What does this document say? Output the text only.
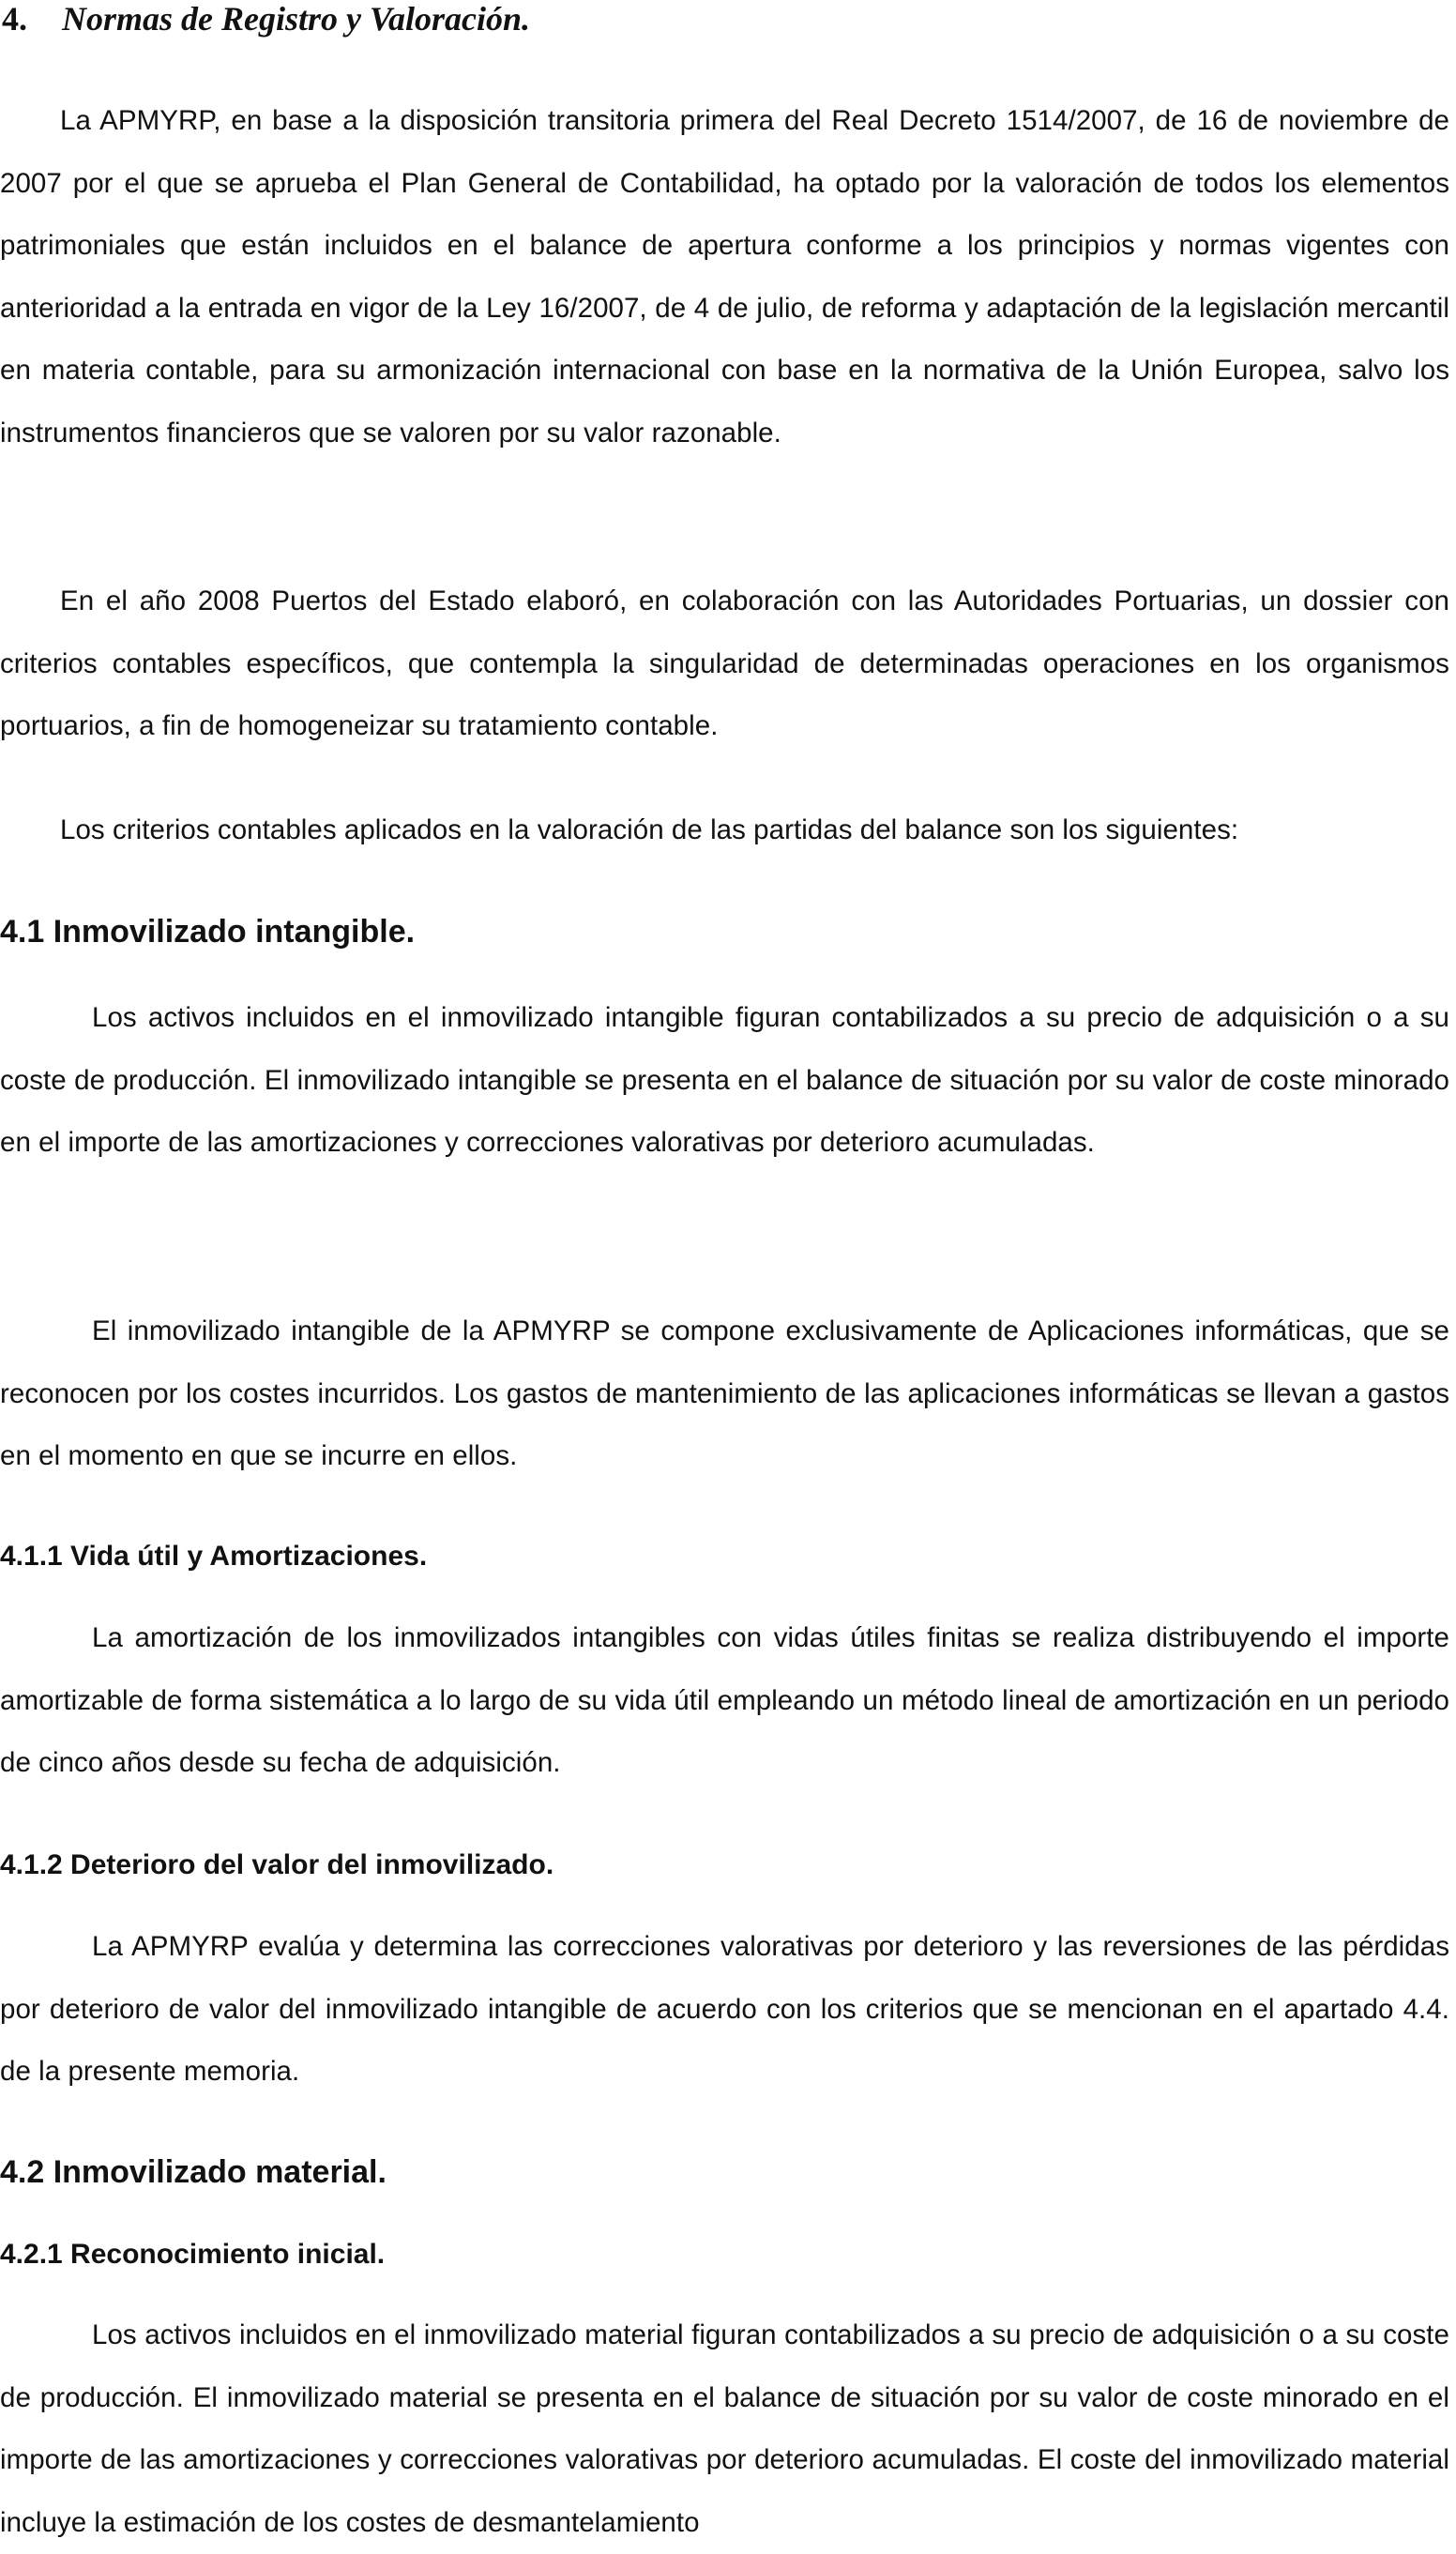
4. Normas de Registro y Valoración.

La APMYRP, en base a la disposición transitoria primera del Real Decreto 1514/2007, de 16 de noviembre de 2007 por el que se aprueba el Plan General de Contabilidad, ha optado por la valoración de todos los elementos patrimoniales que están incluidos en el balance de apertura conforme a los principios y normas vigentes con anterioridad a la entrada en vigor de la Ley 16/2007, de 4 de julio, de reforma y adaptación de la legislación mercantil en materia contable, para su armonización internacional con base en la normativa de la Unión Europea, salvo los instrumentos financieros que se valoren por su valor razonable.

En el año 2008 Puertos del Estado elaboró, en colaboración con las Autoridades Portuarias, un dossier con criterios contables específicos, que contempla la singularidad de determinadas operaciones en los organismos portuarios, a fin de homogeneizar su tratamiento contable.

Los criterios contables aplicados en la valoración de las partidas del balance son los siguientes:

4.1 Inmovilizado intangible.

Los activos incluidos en el inmovilizado intangible figuran contabilizados a su precio de adquisición o a su coste de producción. El inmovilizado intangible se presenta en el balance de situación por su valor de coste minorado en el importe de las amortizaciones y correcciones valorativas por deterioro acumuladas.

El inmovilizado intangible de la APMYRP se compone exclusivamente de Aplicaciones informáticas, que se reconocen por los costes incurridos. Los gastos de mantenimiento de las aplicaciones informáticas se llevan a gastos en el momento en que se incurre en ellos.

4.1.1 Vida útil y Amortizaciones.

La amortización de los inmovilizados intangibles con vidas útiles finitas se realiza distribuyendo el importe amortizable de forma sistemática a lo largo de su vida útil empleando un método lineal de amortización en un periodo de cinco años desde su fecha de adquisición.

4.1.2 Deterioro del valor del inmovilizado.

La APMYRP evalúa y determina las correcciones valorativas por deterioro y las reversiones de las pérdidas por deterioro de valor del inmovilizado intangible de acuerdo con los criterios que se mencionan en el apartado 4.4. de la presente memoria.

4.2 Inmovilizado material.
4.2.1 Reconocimiento inicial.

Los activos incluidos en el inmovilizado material figuran contabilizados a su precio de adquisición o a su coste de producción. El inmovilizado material se presenta en el balance de situación por su valor de coste minorado en el importe de las amortizaciones y correcciones valorativas por deterioro acumuladas. El coste del inmovilizado material incluye la estimación de los costes de desmantelamiento
